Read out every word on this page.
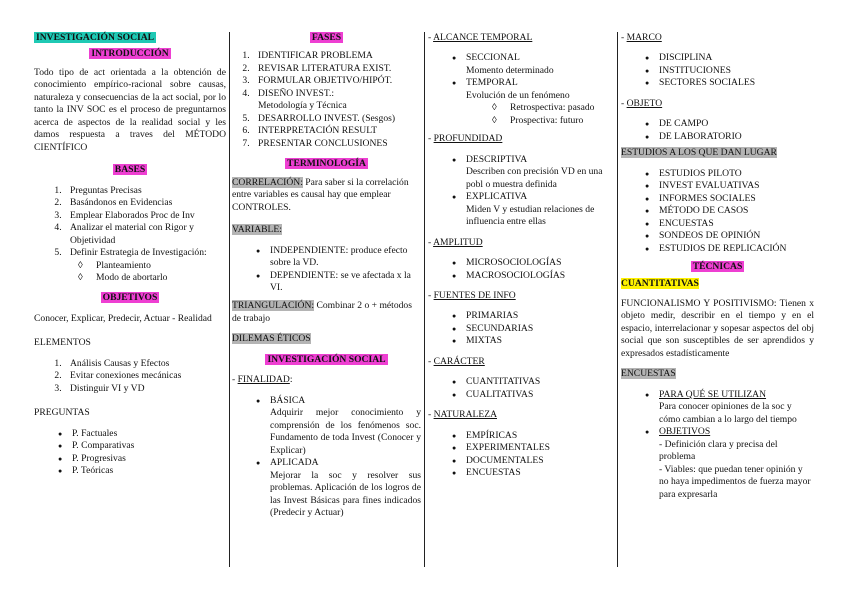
INVESTIGACIÓN SOCIAL
INTRODUCCIÓN

Todo tipo de act orientada a la obtención de conocimiento empírico-racional sobre causas, naturaleza y consecuencias de la act social, por lo tanto la INV SOC es el proceso de preguntarnos acerca de aspectos de la realidad social y les damos respuesta a traves del MÉTODO CIENTÍFICO

BASES
1. Preguntas Precisas
2. Basándonos en Evidencias
3. Emplear Elaborados Proc de Inv
4. Analizar el material con Rigor y Objetividad
5. Definir Estrategia de Investigación:
◊ Planteamiento
◊ Modo de abortarlo
OBJETIVOS

Conocer, Explicar, Predecir, Actuar - Realidad

ELEMENTOS

1. Análisis Causas y Efectos
2. Evitar conexiones mecánicas
3. Distinguir VI y VD

PREGUNTAS

● P. Factuales
● P. Comparativas
● P. Progresivas
● P. Teóricas
FASES
1. IDENTIFICAR PROBLEMA
2. REVISAR LITERATURA EXIST.
3. FORMULAR OBJETIVO/HIPÓT.
4. DISEÑO INVEST.:
Metodología y Técnica
5. DESARROLLO INVEST. (Sesgos)
6. INTERPRETACIÓN RESULT
7. PRESENTAR CONCLUSIONES
TERMINOLOGÍA

CORRELACIÓN: Para saber si la correlación entre variables es causal hay que emplear CONTROLES.

VARIABLE:

● INDEPENDIENTE: produce efecto sobre la VD.
● DEPENDIENTE: se ve afectada x la VI.

TRIANGULACIÓN: Combinar 2 o + métodos de trabajo

DILEMAS ÉTICOS

INVESTIGACIÓN SOCIAL

- FINALIDAD:

● BÁSICA
Adquirir mejor conocimiento y comprensión de los fenómenos soc. Fundamento de toda Invest (Conocer y Explicar)
● APLICADA
Mejorar la soc y resolver sus problemas. Aplicación de los logros de las Invest Básicas para fines indicados (Predecir y Actuar)

- ALCANCE TEMPORAL

● SECCIONAL
Momento determinado
● TEMPORAL
Evolución de un fenómeno
◊ Retrospectiva: pasado
◊ Prospectiva: futuro

- PROFUNDIDAD

● DESCRIPTIVA
Describen con precisión VD en una pobl o muestra definida
● EXPLICATIVA
Miden V y estudian relaciones de influencia entre ellas

- AMPLITUD

● MICROSOCIOLOGÍAS
● MACROSOCIOLOGÍAS

- FUENTES DE INFO

● PRIMARIAS
● SECUNDARIAS
● MIXTAS

- CARÁCTER

● CUANTITATIVAS
● CUALITATIVAS

- NATURALEZA

● EMPÍRICAS
● EXPERIMENTALES
● DOCUMENTALES
● ENCUESTAS

- MARCO

● DISCIPLINA
● INSTITUCIONES
● SECTORES SOCIALES

- OBJETO

● DE CAMPO
● DE LABORATORIO

ESTUDIOS A LOS QUE DAN LUGAR

● ESTUDIOS PILOTO
● INVEST EVALUATIVAS
● INFORMES SOCIALES
● MÉTODO DE CASOS
● ENCUESTAS
● SONDEOS DE OPINIÓN
● ESTUDIOS DE REPLICACIÓN
TÉCNICAS

CUANTITATIVAS

FUNCIONALISMO Y POSITIVISMO: Tienen x objeto medir, describir en el tiempo y en el espacio, interrelacionar y sopesar aspectos del obj social que son susceptibles de ser aprendidos y expresados estadísticamente

ENCUESTAS

● PARA QUÉ SE UTILIZAN
Para conocer opiniones de la soc y cómo cambian a lo largo del tiempo
● OBJETIVOS
- Definición clara y precisa del problema
- Viables: que puedan tener opinión y no haya impedimentos de fuerza mayor para expresarla
